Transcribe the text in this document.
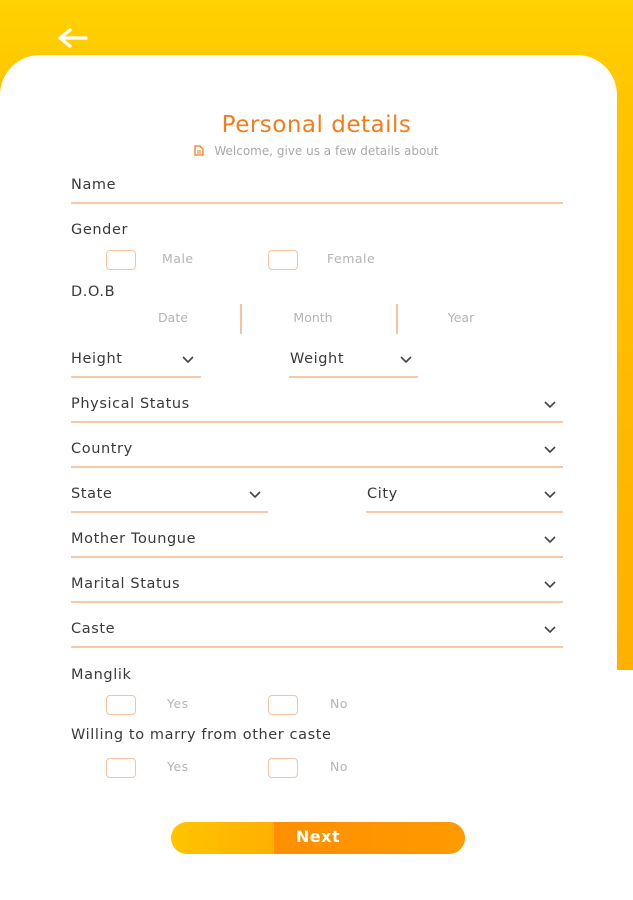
Personal details
Welcome, give us a few details about
Name
Gender
Male	Female
D.O.B
Date	Month	Year
Height	Weight
Physical Status
Country
State	City
Mother Toungue
Marital Status
Caste
Manglik
Yes	No
Willing to marry from other caste
Yes	No
Next
